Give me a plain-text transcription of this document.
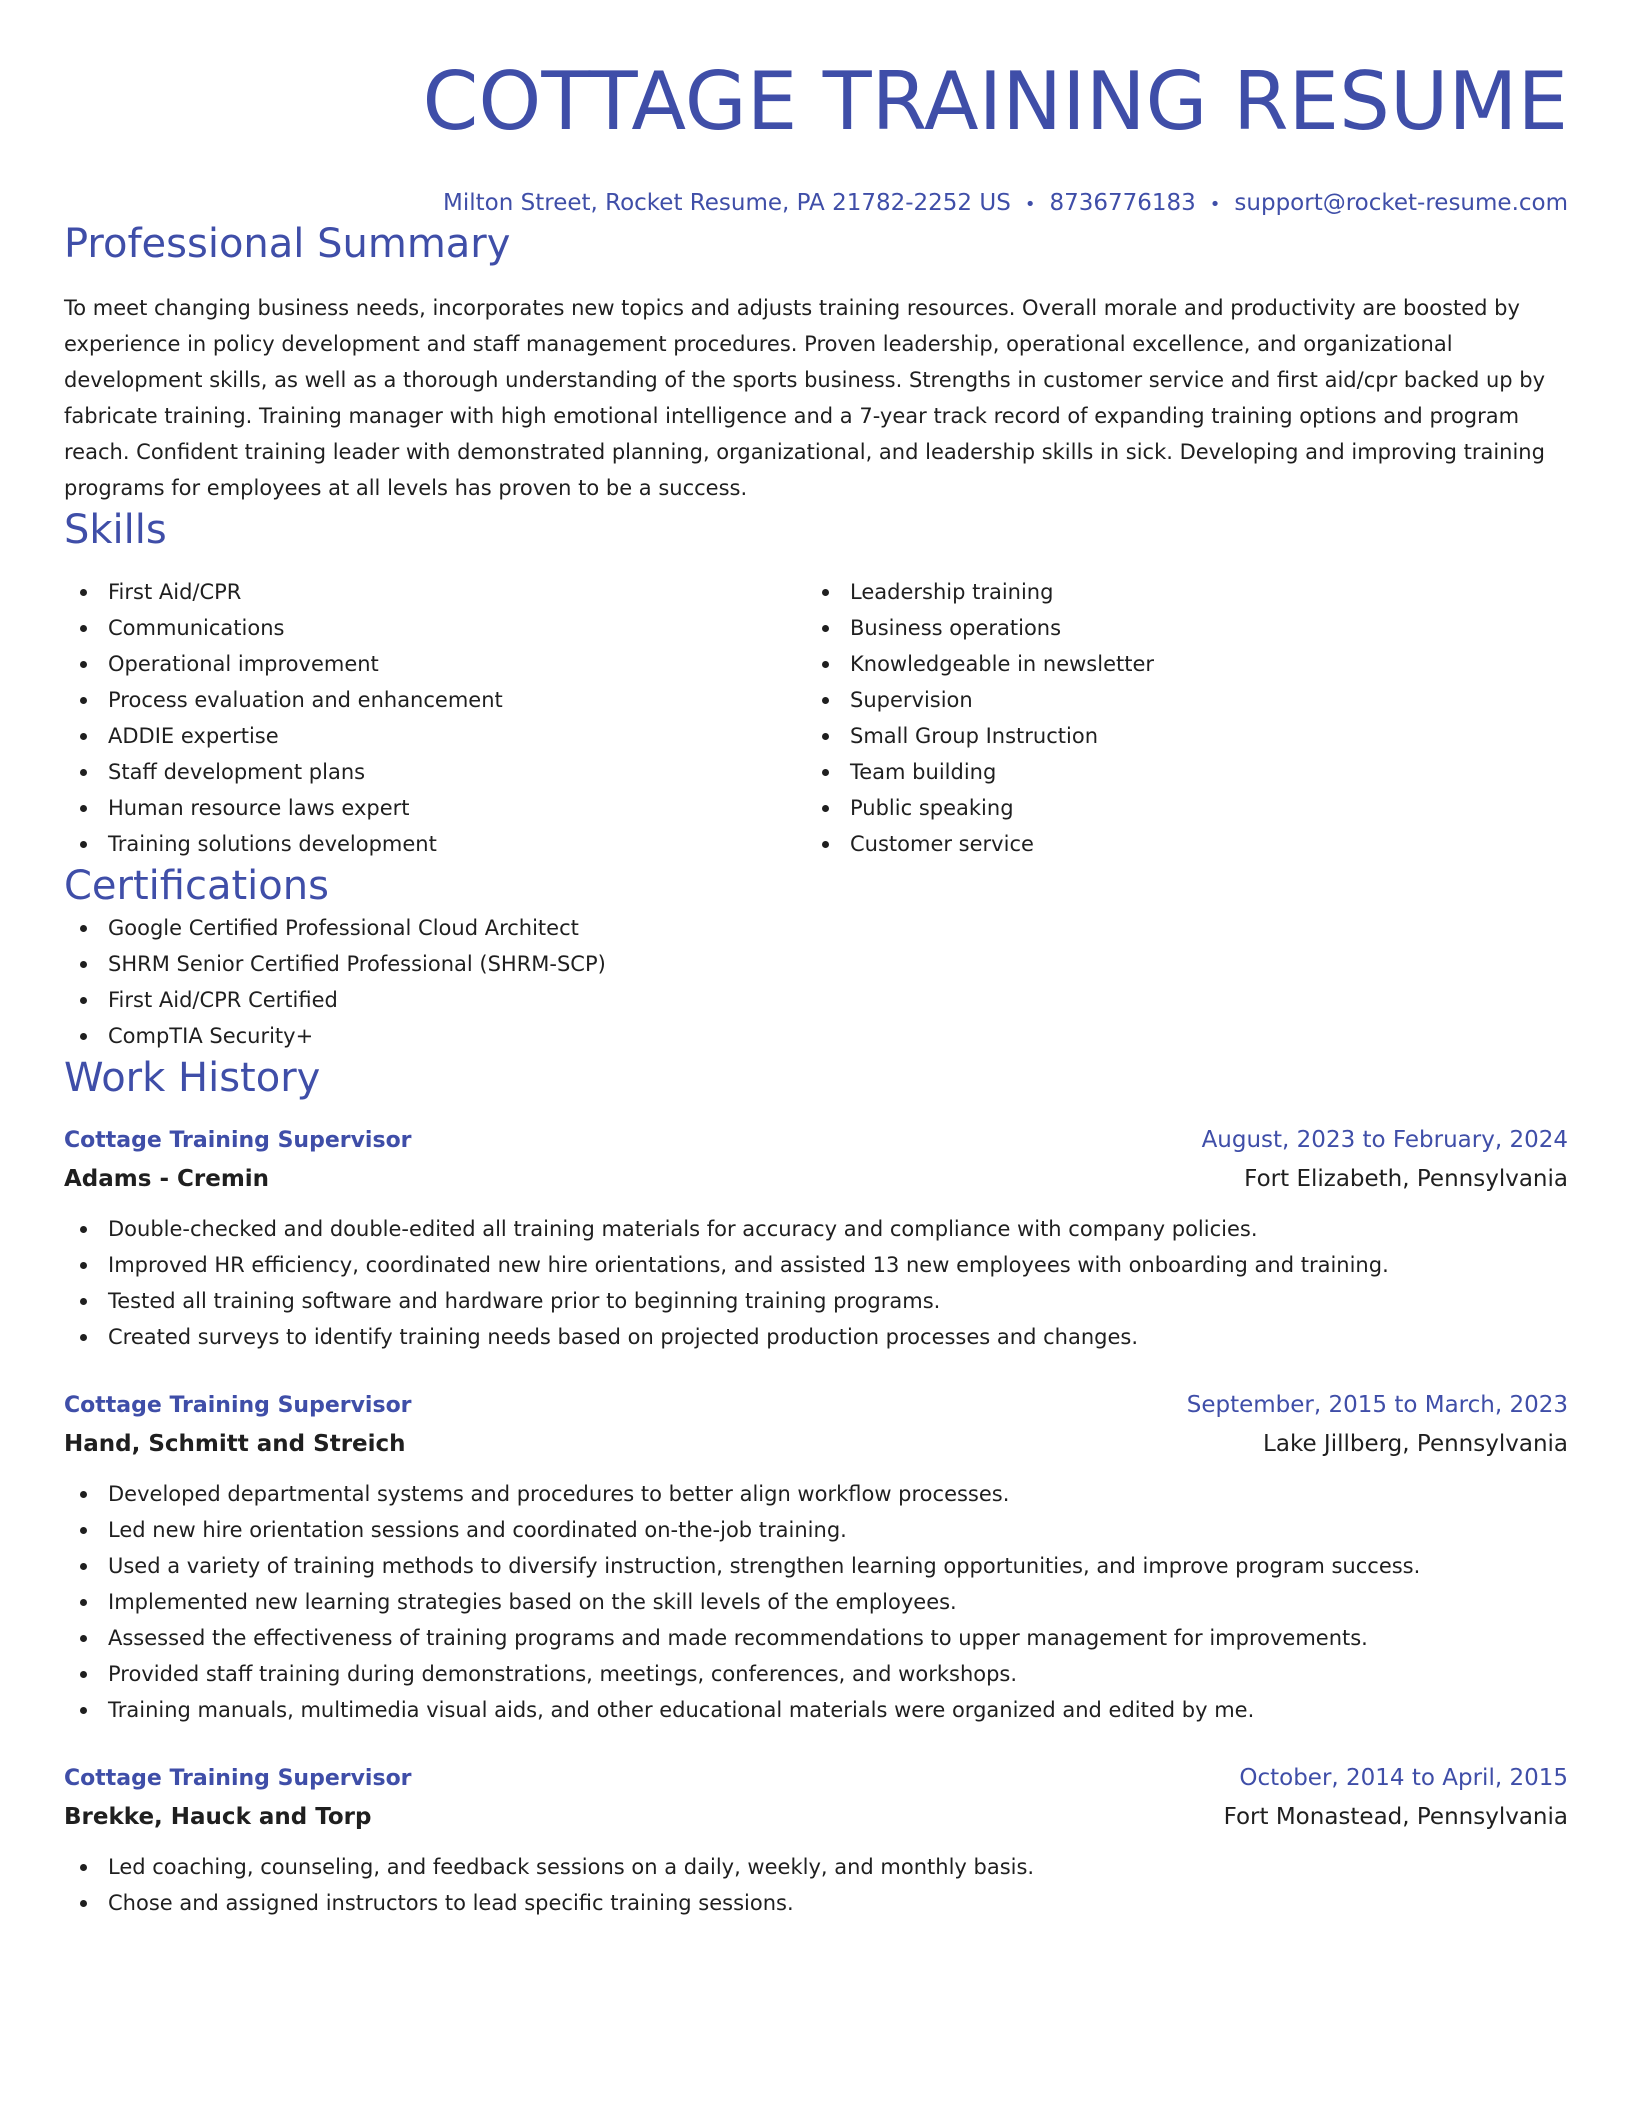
COTTAGE TRAINING RESUME
Milton Street, Rocket Resume, PA 21782-2252 US • 8736776183 • support@rocket-resume.com
Professional Summary
To meet changing business needs, incorporates new topics and adjusts training resources. Overall morale and productivity are boosted by experience in policy development and staff management procedures. Proven leadership, operational excellence, and organizational development skills, as well as a thorough understanding of the sports business. Strengths in customer service and first aid/cpr backed up by fabricate training. Training manager with high emotional intelligence and a 7-year track record of expanding training options and program reach. Confident training leader with demonstrated planning, organizational, and leadership skills in sick. Developing and improving training programs for employees at all levels has proven to be a success.
Skills
First Aid/CPR
Communications
Operational improvement
Process evaluation and enhancement
ADDIE expertise
Staff development plans
Human resource laws expert
Training solutions development
Leadership training
Business operations
Knowledgeable in newsletter
Supervision
Small Group Instruction
Team building
Public speaking
Customer service
Certifications
Google Certified Professional Cloud Architect
SHRM Senior Certified Professional (SHRM-SCP)
First Aid/CPR Certified
CompTIA Security+
Work History
Cottage Training Supervisor	August, 2023 to February, 2024
Adams - Cremin	Fort Elizabeth, Pennsylvania
Double-checked and double-edited all training materials for accuracy and compliance with company policies.
Improved HR efficiency, coordinated new hire orientations, and assisted 13 new employees with onboarding and training.
Tested all training software and hardware prior to beginning training programs.
Created surveys to identify training needs based on projected production processes and changes.
Cottage Training Supervisor	September, 2015 to March, 2023
Hand, Schmitt and Streich	Lake Jillberg, Pennsylvania
Developed departmental systems and procedures to better align workflow processes.
Led new hire orientation sessions and coordinated on-the-job training.
Used a variety of training methods to diversify instruction, strengthen learning opportunities, and improve program success.
Implemented new learning strategies based on the skill levels of the employees.
Assessed the effectiveness of training programs and made recommendations to upper management for improvements.
Provided staff training during demonstrations, meetings, conferences, and workshops.
Training manuals, multimedia visual aids, and other educational materials were organized and edited by me.
Cottage Training Supervisor	October, 2014 to April, 2015
Brekke, Hauck and Torp	Fort Monastead, Pennsylvania
Led coaching, counseling, and feedback sessions on a daily, weekly, and monthly basis.
Chose and assigned instructors to lead specific training sessions.
